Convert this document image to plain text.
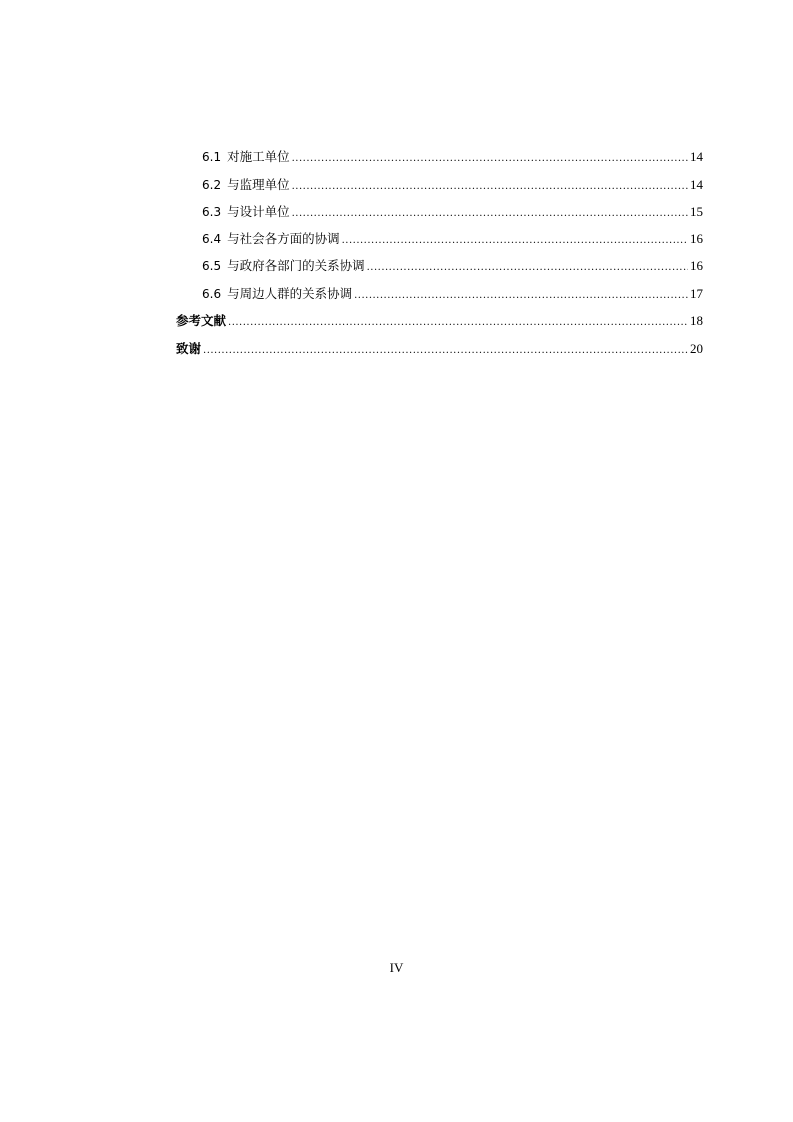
6.1 对施工单位 .....	14
6.2 与监理单位 .....	14
6.3 与设计单位 .....	15
6.4 与社会各方面的协调 .....	16
6.5 与政府各部门的关系协调 .....	16
6.6 与周边人群的关系协调 .....	17
参考文献 .....	18
致谢 .....	20
IV
